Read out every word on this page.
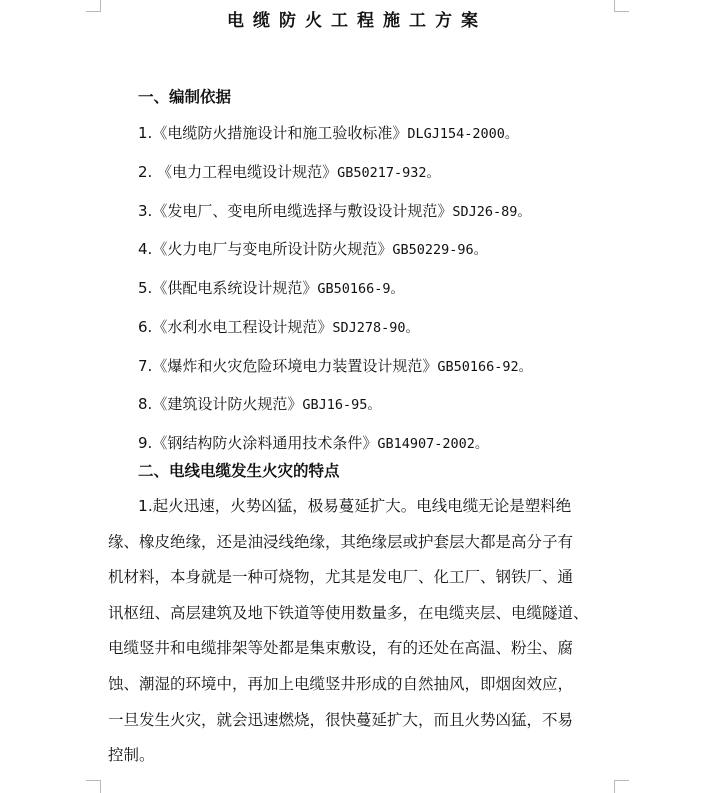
电缆防火工程施工方案
一、编制依据
1.《电缆防火措施设计和施工验收标准》DLGJ154-2000。
2. 《电力工程电缆设计规范》GB50217-932。
3.《发电厂、变电所电缆选择与敷设设计规范》SDJ26-89。
4.《火力电厂与变电所设计防火规范》GB50229-96。
5.《供配电系统设计规范》GB50166-9。
6.《水利水电工程设计规范》SDJ278-90。
7.《爆炸和火灾危险环境电力装置设计规范》GB50166-92。
8.《建筑设计防火规范》GBJ16-95。
9.《钢结构防火涂料通用技术条件》GB14907-2002。
二、电线电缆发生火灾的特点
1.起火迅速，火势凶猛，极易蔓延扩大。电线电缆无论是塑料绝
缘、橡皮绝缘，还是油浸线绝缘，其绝缘层或护套层大都是高分子有
机材料，本身就是一种可烧物，尤其是发电厂、化工厂、钢铁厂、通
讯枢纽、高层建筑及地下铁道等使用数量多，在电缆夹层、电缆隧道、
电缆竖井和电缆排架等处都是集束敷设，有的还处在高温、粉尘、腐
蚀、潮湿的环境中，再加上电缆竖井形成的自然抽风，即烟囱效应，
一旦发生火灾，就会迅速燃烧，很快蔓延扩大，而且火势凶猛，不易
控制。
